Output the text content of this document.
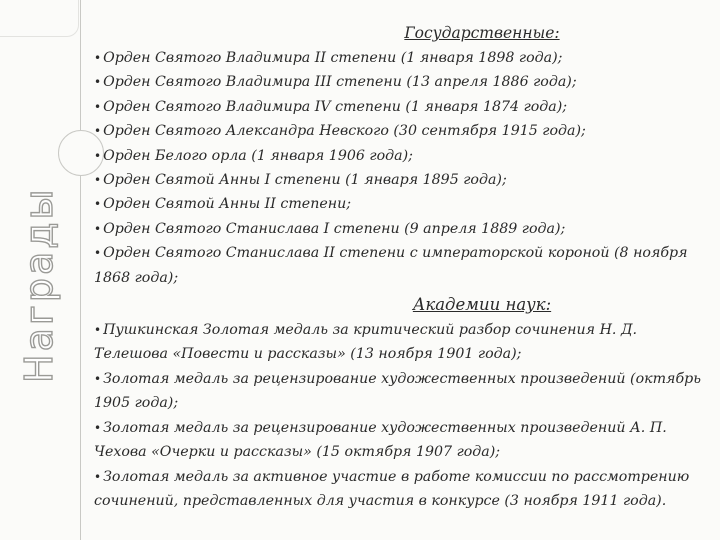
Награды
Государственные:
• Орден Святого Владимира II степени (1 января 1898 года);
• Орден Святого Владимира III степени (13 апреля 1886 года);
• Орден Святого Владимира IV степени (1 января 1874 года);
• Орден Святого Александра Невского (30 сентября 1915 года);
• Орден Белого орла (1 января 1906 года);
• Орден Святой Анны I степени (1 января 1895 года);
• Орден Святой Анны II степени;
• Орден Святого Станислава I степени (9 апреля 1889 года);
• Орден Святого Станислава II степени с императорской короной (8 ноября 1868 года);
Академии наук:
• Пушкинская Золотая медаль за критический разбор сочинения Н. Д. Телешова «Повести и рассказы» (13 ноября 1901 года);
• Золотая медаль за рецензирование художественных произведений (октябрь 1905 года);
• Золотая медаль за рецензирование художественных произведений А. П. Чехова «Очерки и рассказы» (15 октября 1907 года);
• Золотая медаль за активное участие в работе комиссии по рассмотрению сочинений, представленных для участия в конкурсе (3 ноября 1911 года).
